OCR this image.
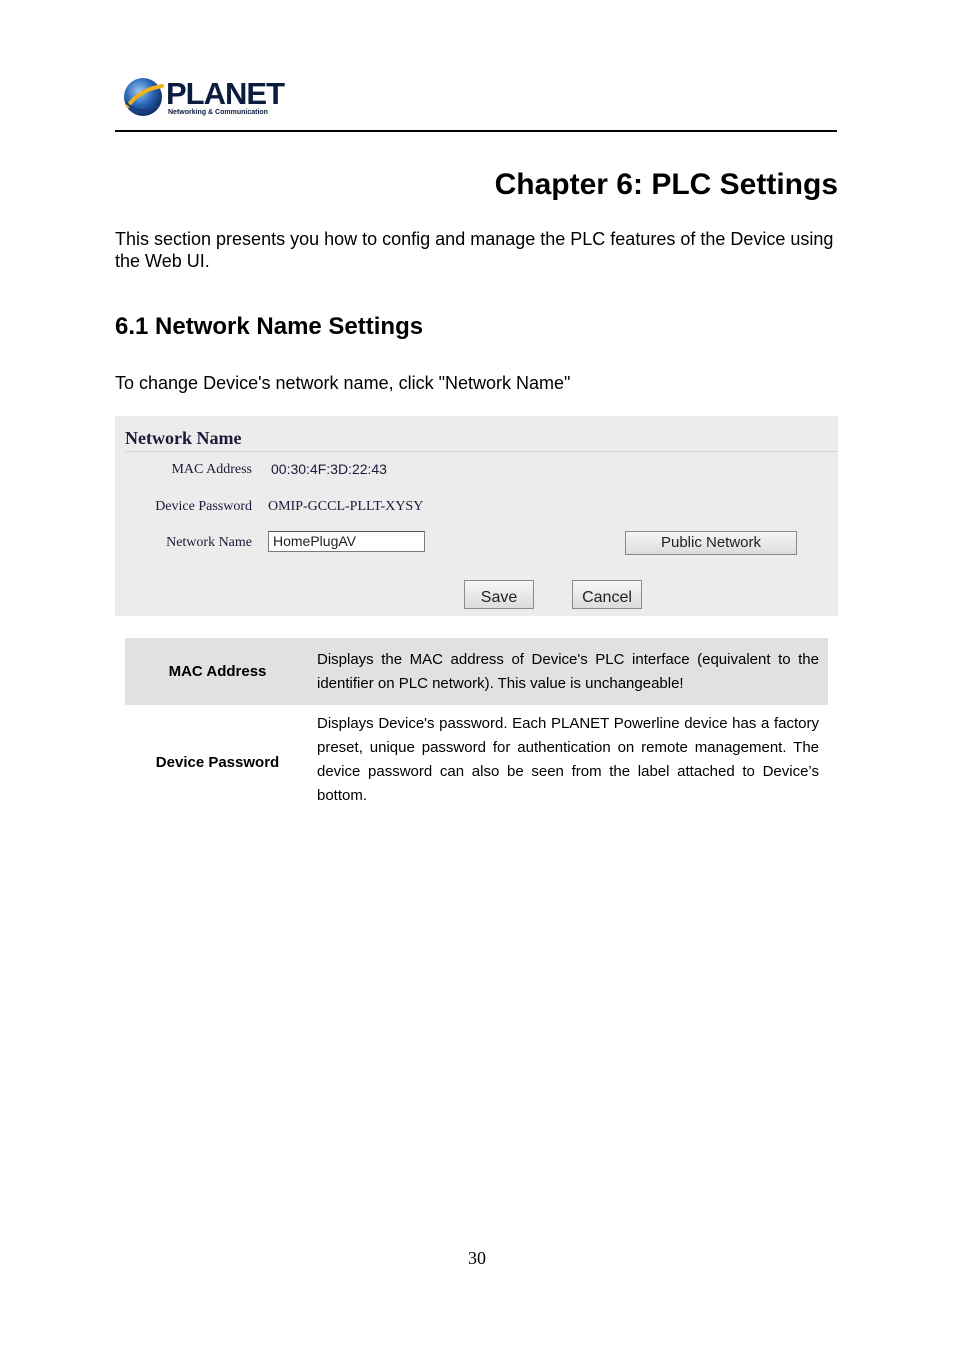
PLANET
Networking & Communication
Chapter 6: PLC Settings

This section presents you how to config and manage the PLC features of the Device using the Web UI.

6.1 Network Name Settings

To change Device's network name, click "Network Name"

Network Name
MAC Address 00:30:4F:3D:22:43
Device Password OMIP-GCCL-PLLT-XYSY
Network Name	HomePlugAV	Public Network
Save	Cancel
MAC Address	Displays the MAC address of Device's PLC interface (equivalent to the identifier on PLC network). This value is unchangeable!
Device Password	Displays Device's password. Each PLANET Powerline device has a factory preset, unique password for authentication on remote management. The device password can also be seen from the label attached to Device’s bottom.
30
